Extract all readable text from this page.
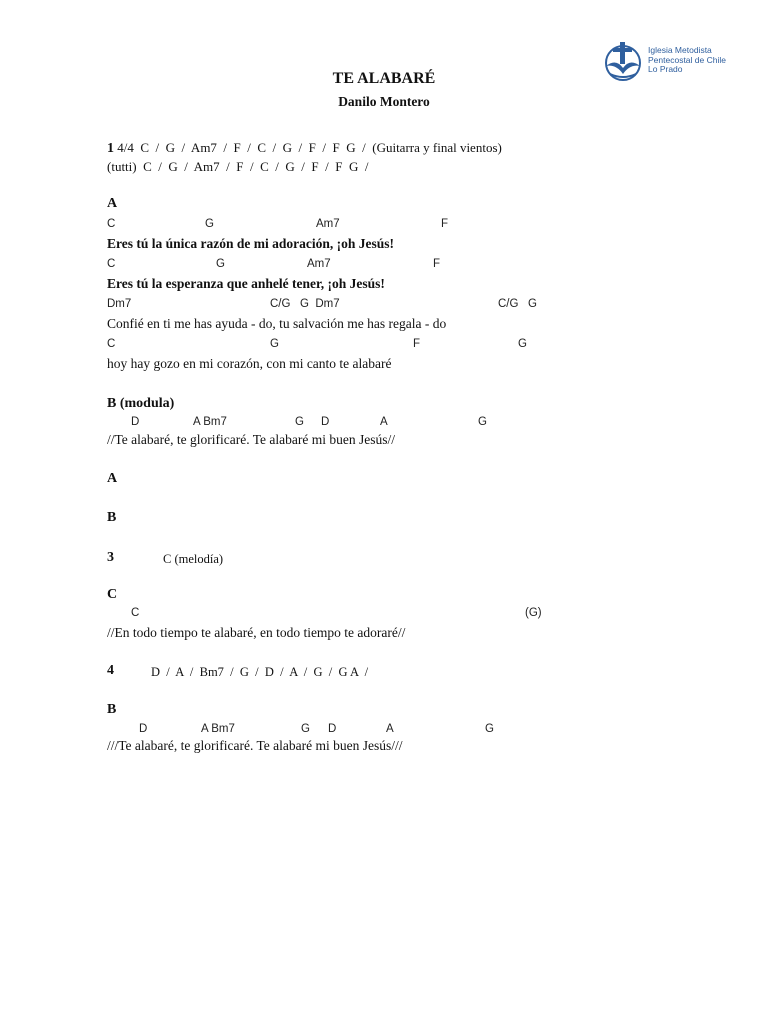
Iglesia Metodista
Pentecostal de Chile
Lo Prado
TE ALABARÉ
Danilo Montero
1 4/4  C  /  G  /  Am7  /  F  /  C  /  G  /  F  /  F  G  /  (Guitarra y final vientos)
(tutti)  C  /  G  /  Am7  /  F  /  C  /  G  /  F  /  F  G  /
A
C	G	Am7	F
Eres tú la única razón de mi adoración, ¡oh Jesús!
C	G	Am7	F
Eres tú la esperanza que anhelé tener, ¡oh Jesús!
Dm7	C/G   G  Dm7	C/G   G
Confié en ti me has ayuda - do, tu salvación me has regala - do
C	G	F	G
hoy hay gozo en mi corazón, con mi canto te alabaré
B (modula)
D	A Bm7	G D	A	G
//Te alabaré, te glorificaré. Te alabaré mi buen Jesús//
A
B
3	C (melodía)
C
C	(G)
//En todo tiempo te alabaré, en todo tiempo te adoraré//
4	D  /  A  /  Bm7  /  G  /  D  /  A  /  G  /  G A  /
B
D	A Bm7	G D	A	G
///Te alabaré, te glorificaré. Te alabaré mi buen Jesús///
